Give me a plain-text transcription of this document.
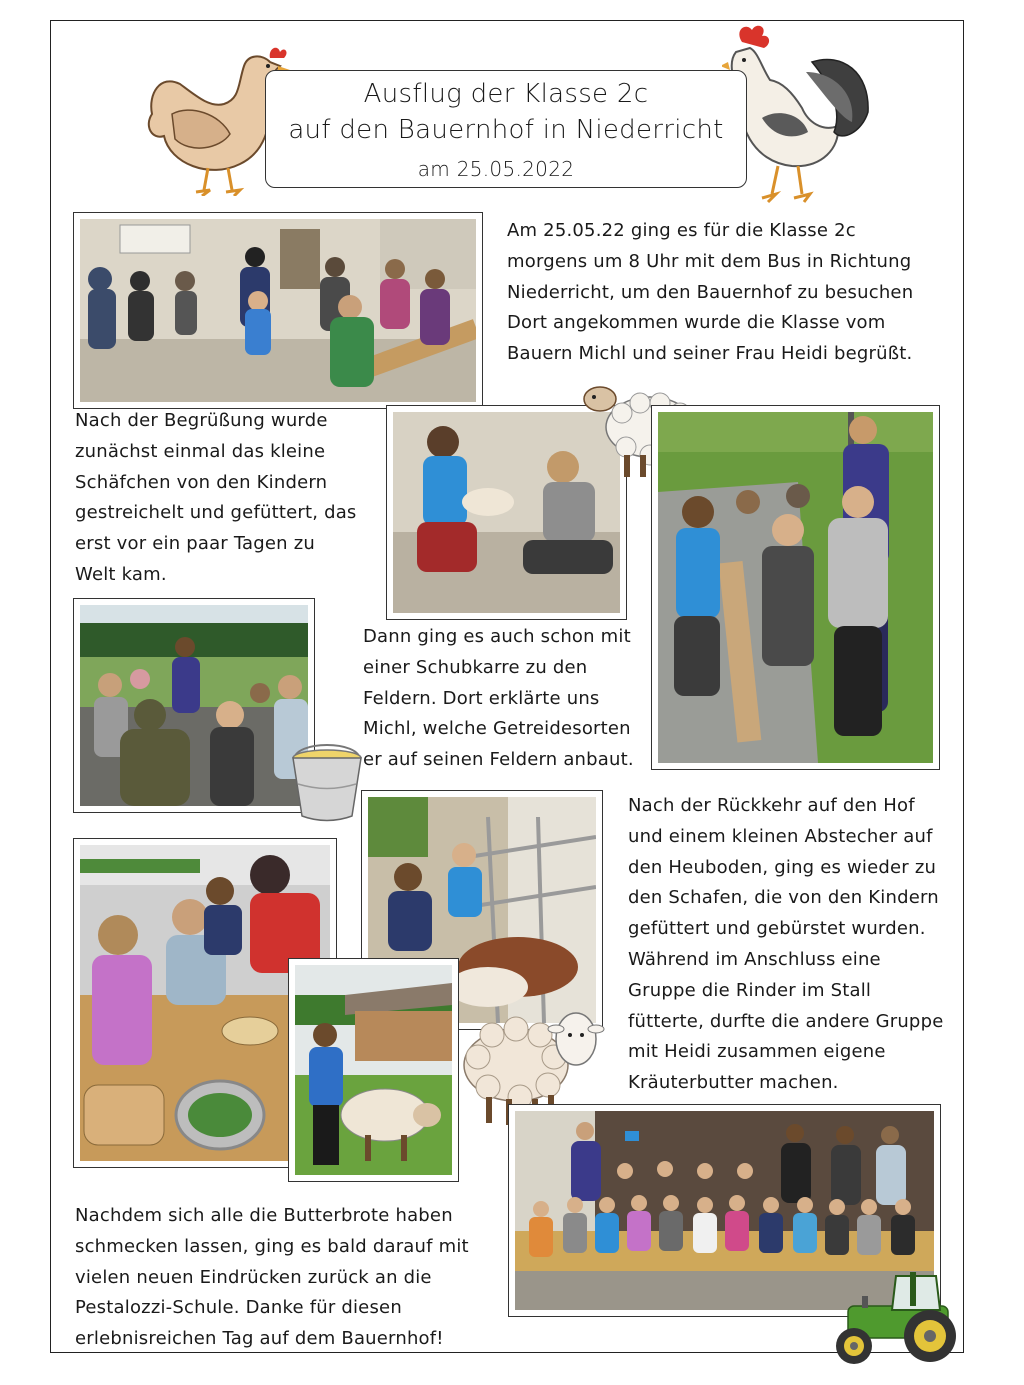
Ausflug der Klasse 2c
auf den Bauernhof in Niederricht
am 25.05.2022

Am 25.05.22 ging es für die Klasse 2c

morgens um 8 Uhr mit dem Bus in Richtung

Niederricht, um den Bauernhof zu besuchen

Dort angekommen wurde die Klasse vom

Bauern Michl und seiner Frau Heidi begrüßt.

Nach der Begrüßung wurde

zunächst einmal das kleine

Schäfchen von den Kindern

gestreichelt und gefüttert, das

erst vor ein paar Tagen zu

Welt kam.

Dann ging es auch schon mit

einer Schubkarre zu den

Feldern. Dort erklärte uns

Michl, welche Getreidesorten

er auf seinen Feldern anbaut.

Nach der Rückkehr auf den Hof

und einem kleinen Abstecher auf

den Heuboden, ging es wieder zu

den Schafen, die von den Kindern

gefüttert und gebürstet wurden.

Während im Anschluss eine

Gruppe die Rinder im Stall

fütterte, durfte die andere Gruppe

mit Heidi zusammen eigene

Kräuterbutter machen.

Nachdem sich alle die Butterbrote haben

schmecken lassen, ging es bald darauf mit

vielen neuen Eindrücken zurück an die

Pestalozzi-Schule. Danke für diesen

erlebnisreichen Tag auf dem Bauernhof!
